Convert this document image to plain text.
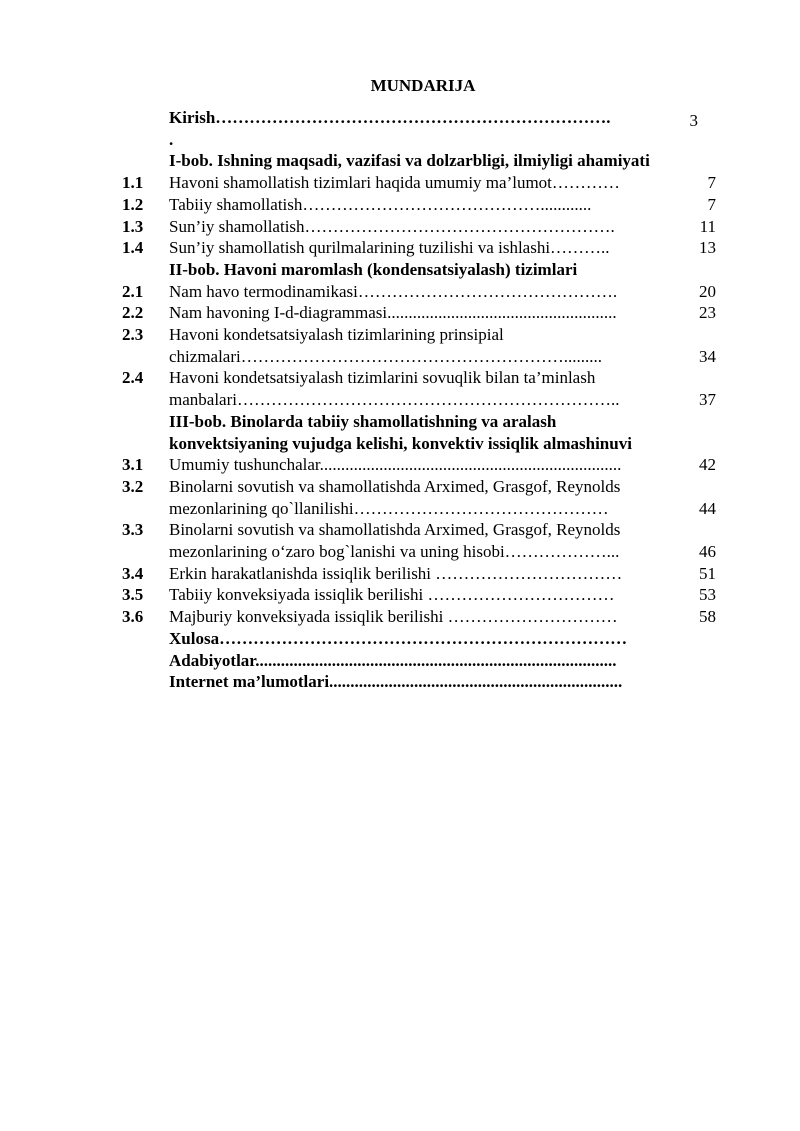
MUNDARIJA
Kirish…………………………………………………………….	3
.
I-bob. Ishning maqsadi, vazifasi va dolzarbligi, ilmiyligi ahamiyati
1.1	Havoni shamollatish tizimlari haqida umumiy ma’lumot…………	7
1.2	Tabiiy shamollatish……………………………………............	7
1.3	Sun’iy shamollatish……………………………………………….	11
1.4	Sun’iy shamollatish qurilmalarining tuzilishi va ishlashi………..	13
II-bob. Havoni maromlash (kondensatsiyalash) tizimlari
2.1	Nam havo termodinamikasi……………………………………….	20
2.2	Nam havoning I-d-diagrammasi......................................................	23
2.3	Havoni kondetsatsiyalash tizimlarining prinsipial chizmalari………………………………………………….........	34
2.4	Havoni kondetsatsiyalash tizimlarini sovuqlik bilan ta’minlash manbalari…………………………………………………………..	37
III-bob. Binolarda tabiiy shamollatishning va aralash konvektsiyaning vujudga kelishi, konvektiv issiqlik almashinuvi
3.1	Umumiy tushunchalar.......................................................................	42
3.2	Binolarni sovutish va shamollatishda Arximed, Grasgof, Reynolds mezonlarining qo`llanilishi………………………………………	44
3.3	Binolarni sovutish va shamollatishda Arximed, Grasgof, Reynolds mezonlarining o‘zaro bog`lanishi va uning hisobi………………...	46
3.4	Erkin harakatlanishda issiqlik berilishi ……………………………	51
3.5	Tabiiy konveksiyada issiqlik berilishi ……………………………	53
3.6	Majburiy konveksiyada issiqlik berilishi …………………………	58
Xulosa………………………………………………………………
Adabiyotlar.....................................................................................
Internet ma’lumotlari.....................................................................
